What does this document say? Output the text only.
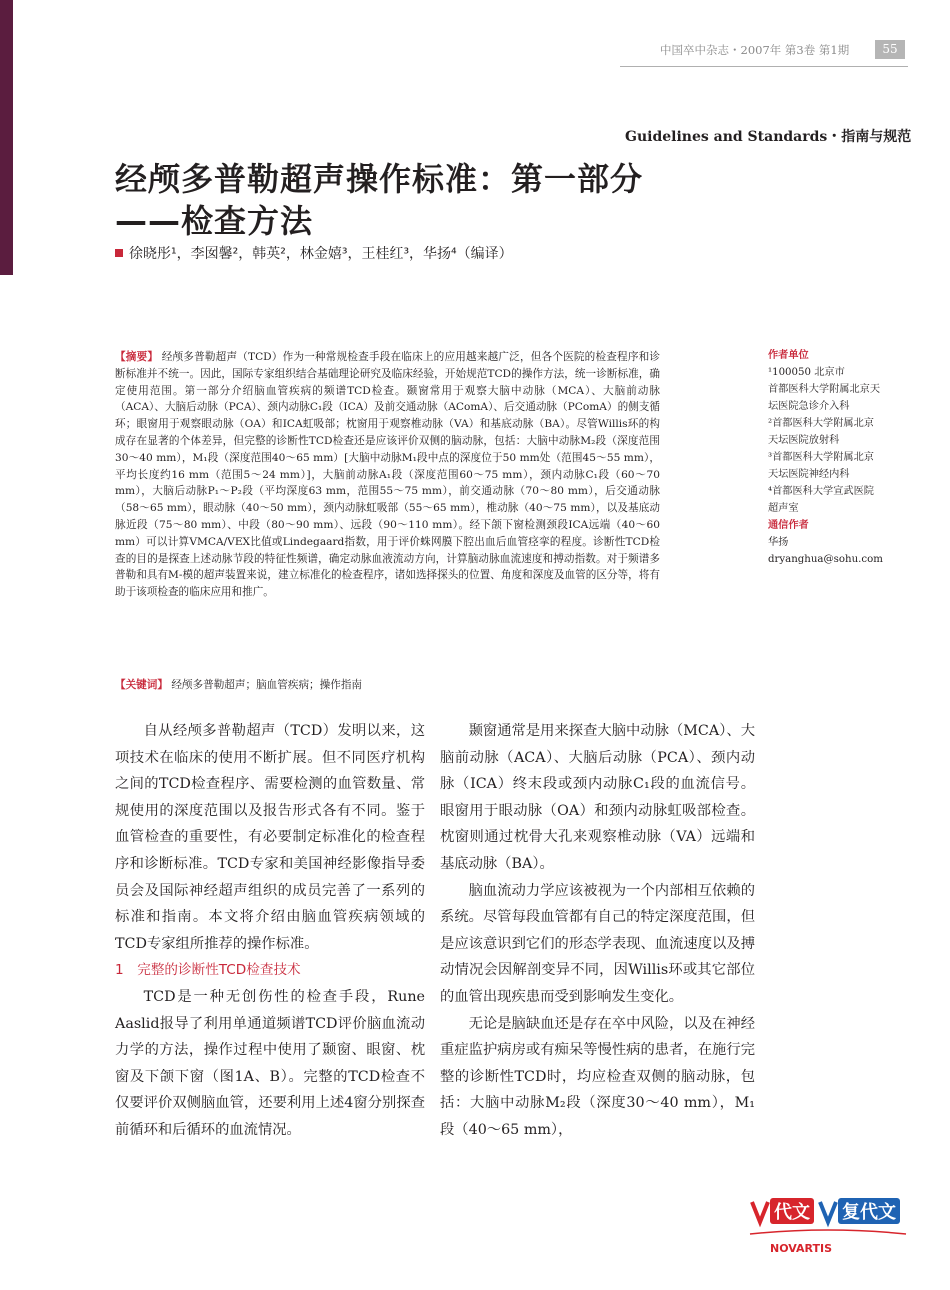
中国卒中杂志・2007年 第3卷 第1期	55
Guidelines and Standards・指南与规范
经颅多普勒超声操作标准：第一部分
——检查方法
徐晓彤¹，李囡馨²，韩英²，林金嬉³，王桂红³，华扬⁴（编译）
【摘要】 经颅多普勒超声（TCD）作为一种常规检查手段在临床上的应用越来越广泛，但各个医院的检查程序和诊断标准并不统一。因此，国际专家组织结合基础理论研究及临床经验，开始规范TCD的操作方法，统一诊断标准，确定使用范围。第一部分介绍脑血管疾病的频谱TCD检查。颞窗常用于观察大脑中动脉（MCA）、大脑前动脉（ACA）、大脑后动脉（PCA）、颈内动脉C₁段（ICA）及前交通动脉（AComA）、后交通动脉（PComA）的侧支循环；眼窗用于观察眼动脉（OA）和ICA虹吸部；枕窗用于观察椎动脉（VA）和基底动脉（BA）。尽管Willis环的构成存在显著的个体差异，但完整的诊断性TCD检查还是应该评价双侧的脑动脉，包括：大脑中动脉M₂段（深度范围30～40 mm），M₁段（深度范围40～65 mm）[大脑中动脉M₁段中点的深度位于50 mm处（范围45～55 mm），平均长度约16 mm（范围5～24 mm）]，大脑前动脉A₁段（深度范围60～75 mm），颈内动脉C₁段（60～70 mm），大脑后动脉P₁～P₂段（平均深度63 mm，范围55～75 mm），前交通动脉（70～80 mm），后交通动脉（58～65 mm），眼动脉（40～50 mm），颈内动脉虹吸部（55～65 mm），椎动脉（40～75 mm），以及基底动脉近段（75～80 mm）、中段（80～90 mm）、远段（90～110 mm）。经下颌下窗检测颈段ICA远端（40～60 mm）可以计算VMCA/VEX比值或Lindegaard指数，用于评价蛛网膜下腔出血后血管痉挛的程度。诊断性TCD检查的目的是探查上述动脉节段的特征性频谱，确定动脉血液流动方向，计算脑动脉血流速度和搏动指数。对于频谱多普勒和具有M-模的超声装置来说，建立标准化的检查程序，诸如选择探头的位置、角度和深度及血管的区分等，将有助于该项检查的临床应用和推广。
【关键词】 经颅多普勒超声；脑血管疾病；操作指南
作者单位
¹100050 北京市
首都医科大学附属北京天
坛医院急诊介入科
²首都医科大学附属北京
天坛医院放射科
³首都医科大学附属北京
天坛医院神经内科
⁴首都医科大学宣武医院
超声室
通信作者
华扬
dryanghua@sohu.com

自从经颅多普勒超声（TCD）发明以来，这项技术在临床的使用不断扩展。但不同医疗机构之间的TCD检查程序、需要检测的血管数量、常规使用的深度范围以及报告形式各有不同。鉴于血管检查的重要性，有必要制定标准化的检查程序和诊断标准。TCD专家和美国神经影像指导委员会及国际神经超声组织的成员完善了一系列的标准和指南。本文将介绍由脑血管疾病领域的TCD专家组所推荐的操作标准。

1　完整的诊断性TCD检查技术

TCD是一种无创伤性的检查手段，Rune Aaslid报导了利用单通道频谱TCD评价脑血流动力学的方法，操作过程中使用了颞窗、眼窗、枕窗及下颌下窗（图1A、B）。完整的TCD检查不仅要评价双侧脑血管，还要利用上述4窗分别探查前循环和后循环的血流情况。

颞窗通常是用来探查大脑中动脉（MCA）、大脑前动脉（ACA）、大脑后动脉（PCA）、颈内动脉（ICA）终末段或颈内动脉C₁段的血流信号。眼窗用于眼动脉（OA）和颈内动脉虹吸部检查。枕窗则通过枕骨大孔来观察椎动脉（VA）远端和基底动脉（BA）。

脑血流动力学应该被视为一个内部相互依赖的系统。尽管每段血管都有自己的特定深度范围，但是应该意识到它们的形态学表现、血流速度以及搏动情况会因解剖变异不同，因Willis环或其它部位的血管出现疾患而受到影响发生变化。

无论是脑缺血还是存在卒中风险，以及在神经重症监护病房或有痴呆等慢性病的患者，在施行完整的诊断性TCD时，均应检查双侧的脑动脉，包括：大脑中动脉M₂段（深度30～40 mm），M₁段（40～65 mm），

代文 复代文
NOVARTIS
